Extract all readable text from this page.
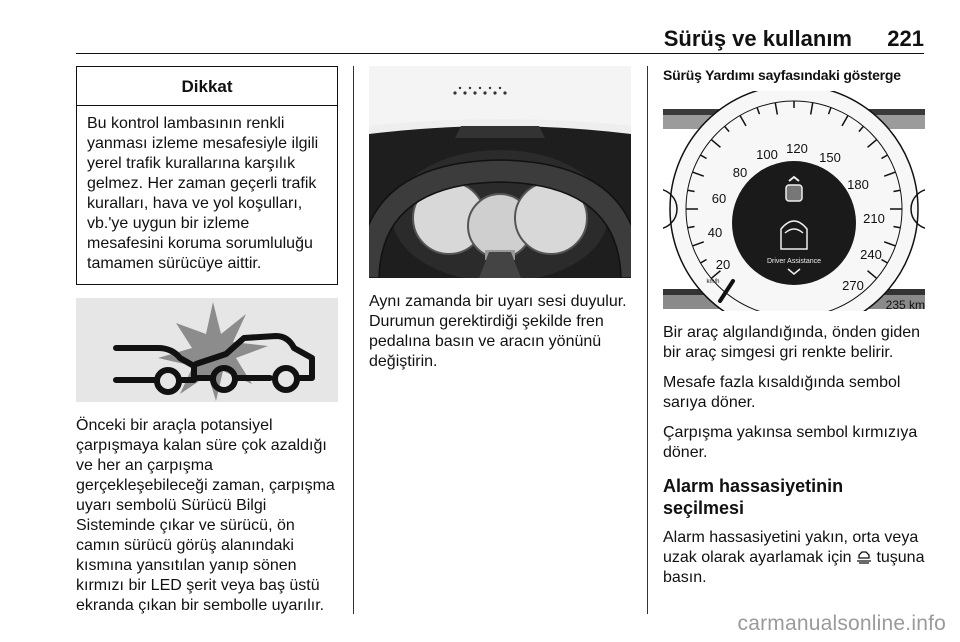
Sürüş ve kullanım 221
Dikkat
Bu kontrol lambasının renkli yanması izleme mesafesiyle ilgili yerel trafik kurallarına karşılık gelmez. Her zaman geçerli trafik kuralları, hava ve yol koşulları, vb.'ye uygun bir izleme mesafesini koruma sorumluluğu tamamen sürücüye aittir.

Önceki bir araçla potansiyel çarpışmaya kalan süre çok azaldığı ve her an çarpışma gerçekleşebileceği zaman, çarpışma uyarı sembolü Sürücü Bilgi Sisteminde çıkar ve sürücü, ön camın sürücü görüş alanındaki kısmına yansıtılan yanıp sönen kırmızı bir LED şerit veya baş üstü ekranda çıkan bir sembolle uyarılır.

Aynı zamanda bir uyarı sesi duyulur. Durumun gerektirdiği şekilde fren pedalına basın ve aracın yönünü değiştirin.

Sürüş Yardımı sayfasındaki gösterge

20
40
60
80
100 120
150
180
210
240
270
km/h
Driver Assistance
235 km

Bir araç algılandığında, önden giden bir araç simgesi gri renkte belirir.

Mesafe fazla kısaldığında sembol sarıya döner.

Çarpışma yakınsa sembol kırmızıya döner.

Alarm hassasiyetinin seçilmesi

Alarm hassasiyetini yakın, orta veya uzak olarak ayarlamak için tuşuna basın.

carmanualsonline.info
